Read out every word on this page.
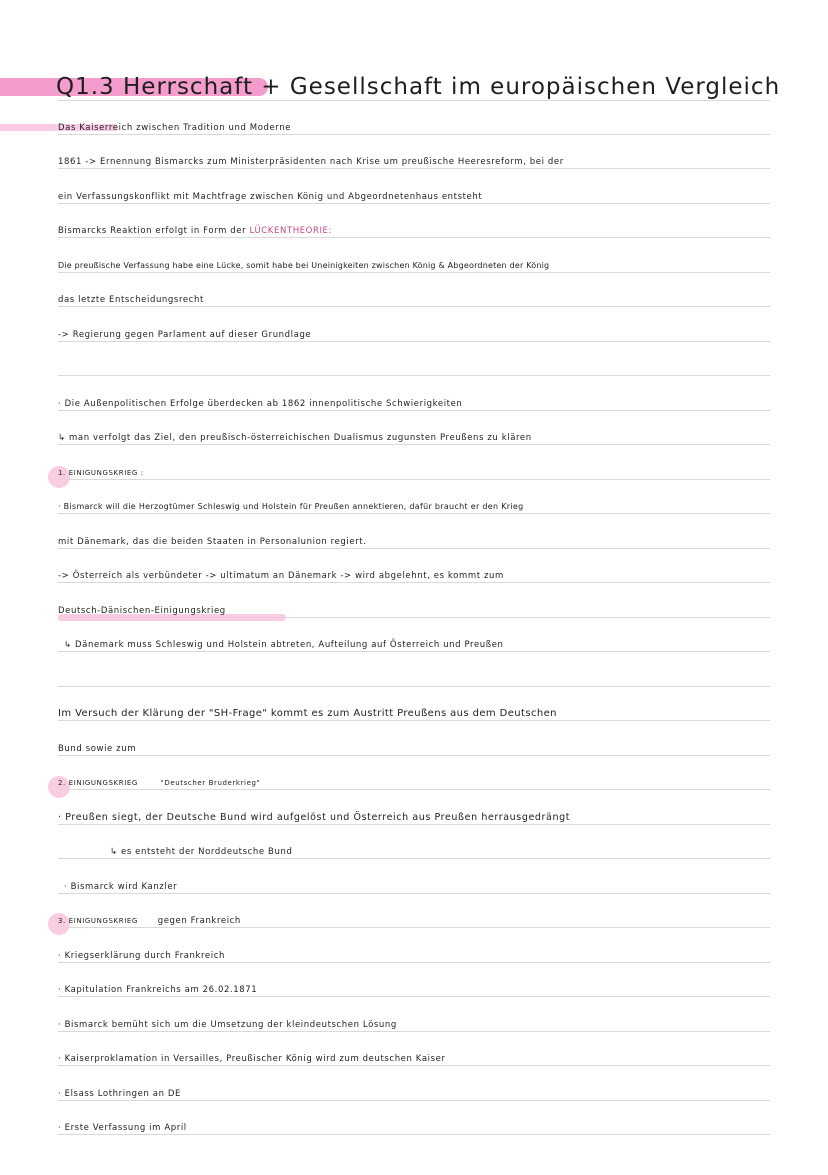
Q1.3 Herrschaft + Gesellschaft im europäischen Vergleich
Das Kaiserreich zwischen Tradition und Moderne
1861 -> Ernennung Bismarcks zum Ministerpräsidenten nach Krise um preußische Heeresreform, bei der
ein Verfassungskonflikt mit Machtfrage zwischen König und Abgeordnetenhaus entsteht
Bismarcks Reaktion erfolgt in Form der LÜCKENTHEORIE:
Die preußische Verfassung habe eine Lücke, somit habe bei Uneinigkeiten zwischen König & Abgeordneten der König
das letzte Entscheidungsrecht
-> Regierung gegen Parlament auf dieser Grundlage
· Die Außenpolitischen Erfolge überdecken ab 1862 innenpolitische Schwierigkeiten
↳ man verfolgt das Ziel, den preußisch-österreichischen Dualismus zugunsten Preußens zu klären
1. EINIGUNGSKRIEG :
· Bismarck will die Herzogtümer Schleswig und Holstein für Preußen annektieren, dafür braucht er den Krieg
mit Dänemark, das die beiden Staaten in Personalunion regiert.
-> Österreich als verbündeter -> ultimatum an Dänemark -> wird abgelehnt, es kommt zum
Deutsch-Dänischen-Einigungskrieg
↳ Dänemark muss Schleswig und Holstein abtreten, Aufteilung auf Österreich und Preußen
Im Versuch der Klärung der "SH-Frage" kommt es zum Austritt Preußens aus dem Deutschen
Bund sowie zum
2. EINIGUNGSKRIEG	"Deutscher Bruderkrieg"
· Preußen siegt, der Deutsche Bund wird aufgelöst und Österreich aus Preußen herrausgedrängt
↳ es entsteht der Norddeutsche Bund
· Bismarck wird Kanzler
3. EINIGUNGSKRIEG gegen Frankreich
· Kriegserklärung durch Frankreich
· Kapitulation Frankreichs am 26.02.1871
· Bismarck bemüht sich um die Umsetzung der kleindeutschen Lösung
· Kaiserproklamation in Versailles, Preußischer König wird zum deutschen Kaiser
· Elsass Lothringen an DE
· Erste Verfassung im April
